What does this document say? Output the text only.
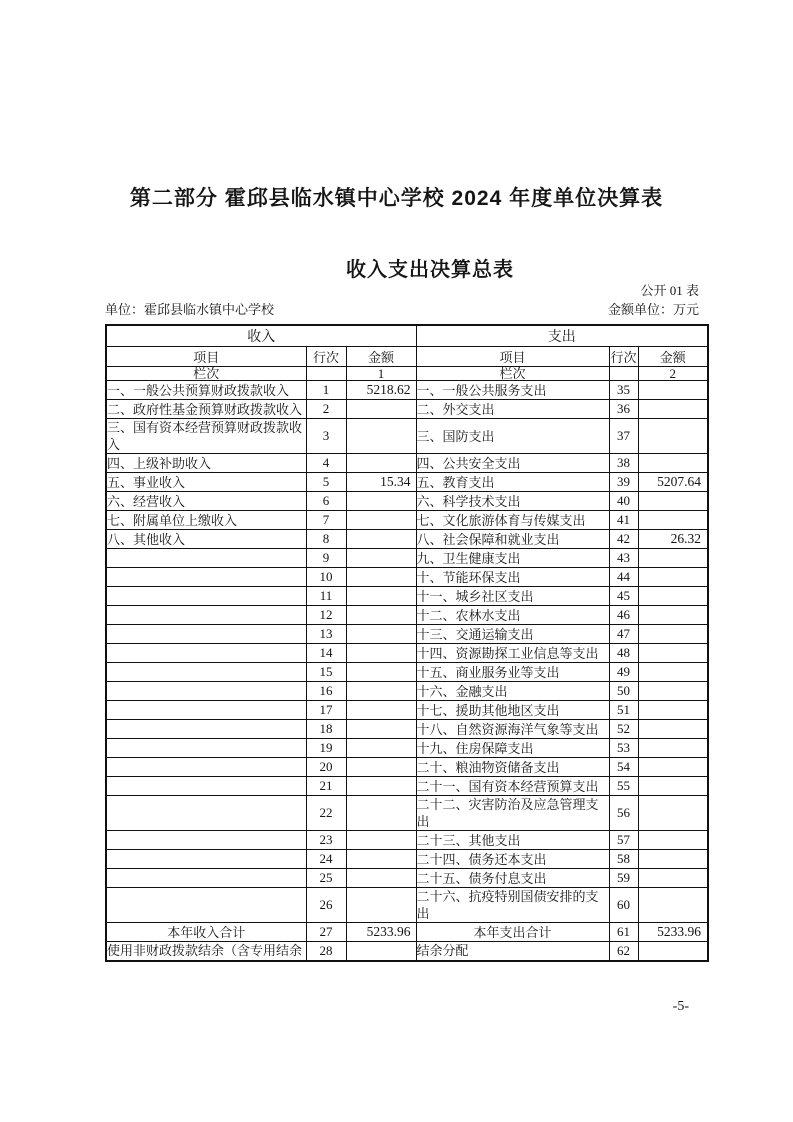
第二部分 霍邱县临水镇中心学校 2024 年度单位决算表
收入支出决算总表
公开 01 表
单位：霍邱县临水镇中心学校	金额单位：万元
收入			支出		
项目	行次	金额	项目	行次	金额
栏次		1	栏次		2
一、一般公共预算财政拨款收入	1	5218.62	一、一般公共服务支出	35	
二、政府性基金预算财政拨款收入	2		二、外交支出	36	
三、国有资本经营预算财政拨款收入	3		三、国防支出	37	
四、上级补助收入	4		四、公共安全支出	38	
五、事业收入	5	15.34	五、教育支出	39	5207.64
六、经营收入	6		六、科学技术支出	40	
七、附属单位上缴收入	7		七、文化旅游体育与传媒支出	41	
八、其他收入	8		八、社会保障和就业支出	42	26.32
	9		九、卫生健康支出	43	
	10		十、节能环保支出	44	
	11		十一、城乡社区支出	45	
	12		十二、农林水支出	46	
	13		十三、交通运输支出	47	
	14		十四、资源勘探工业信息等支出	48	
	15		十五、商业服务业等支出	49	
	16		十六、金融支出	50	
	17		十七、援助其他地区支出	51	
	18		十八、自然资源海洋气象等支出	52	
	19		十九、住房保障支出	53	
	20		二十、粮油物资储备支出	54	
	21		二十一、国有资本经营预算支出	55	
	22		二十二、灾害防治及应急管理支出	56	
	23		二十三、其他支出	57	
	24		二十四、债务还本支出	58	
	25		二十五、债务付息支出	59	
	26		二十六、抗疫特别国债安排的支出	60	
本年收入合计	27	5233.96	本年支出合计	61	5233.96
使用非财政拨款结余（含专用结余	28		结余分配	62	
-5-
